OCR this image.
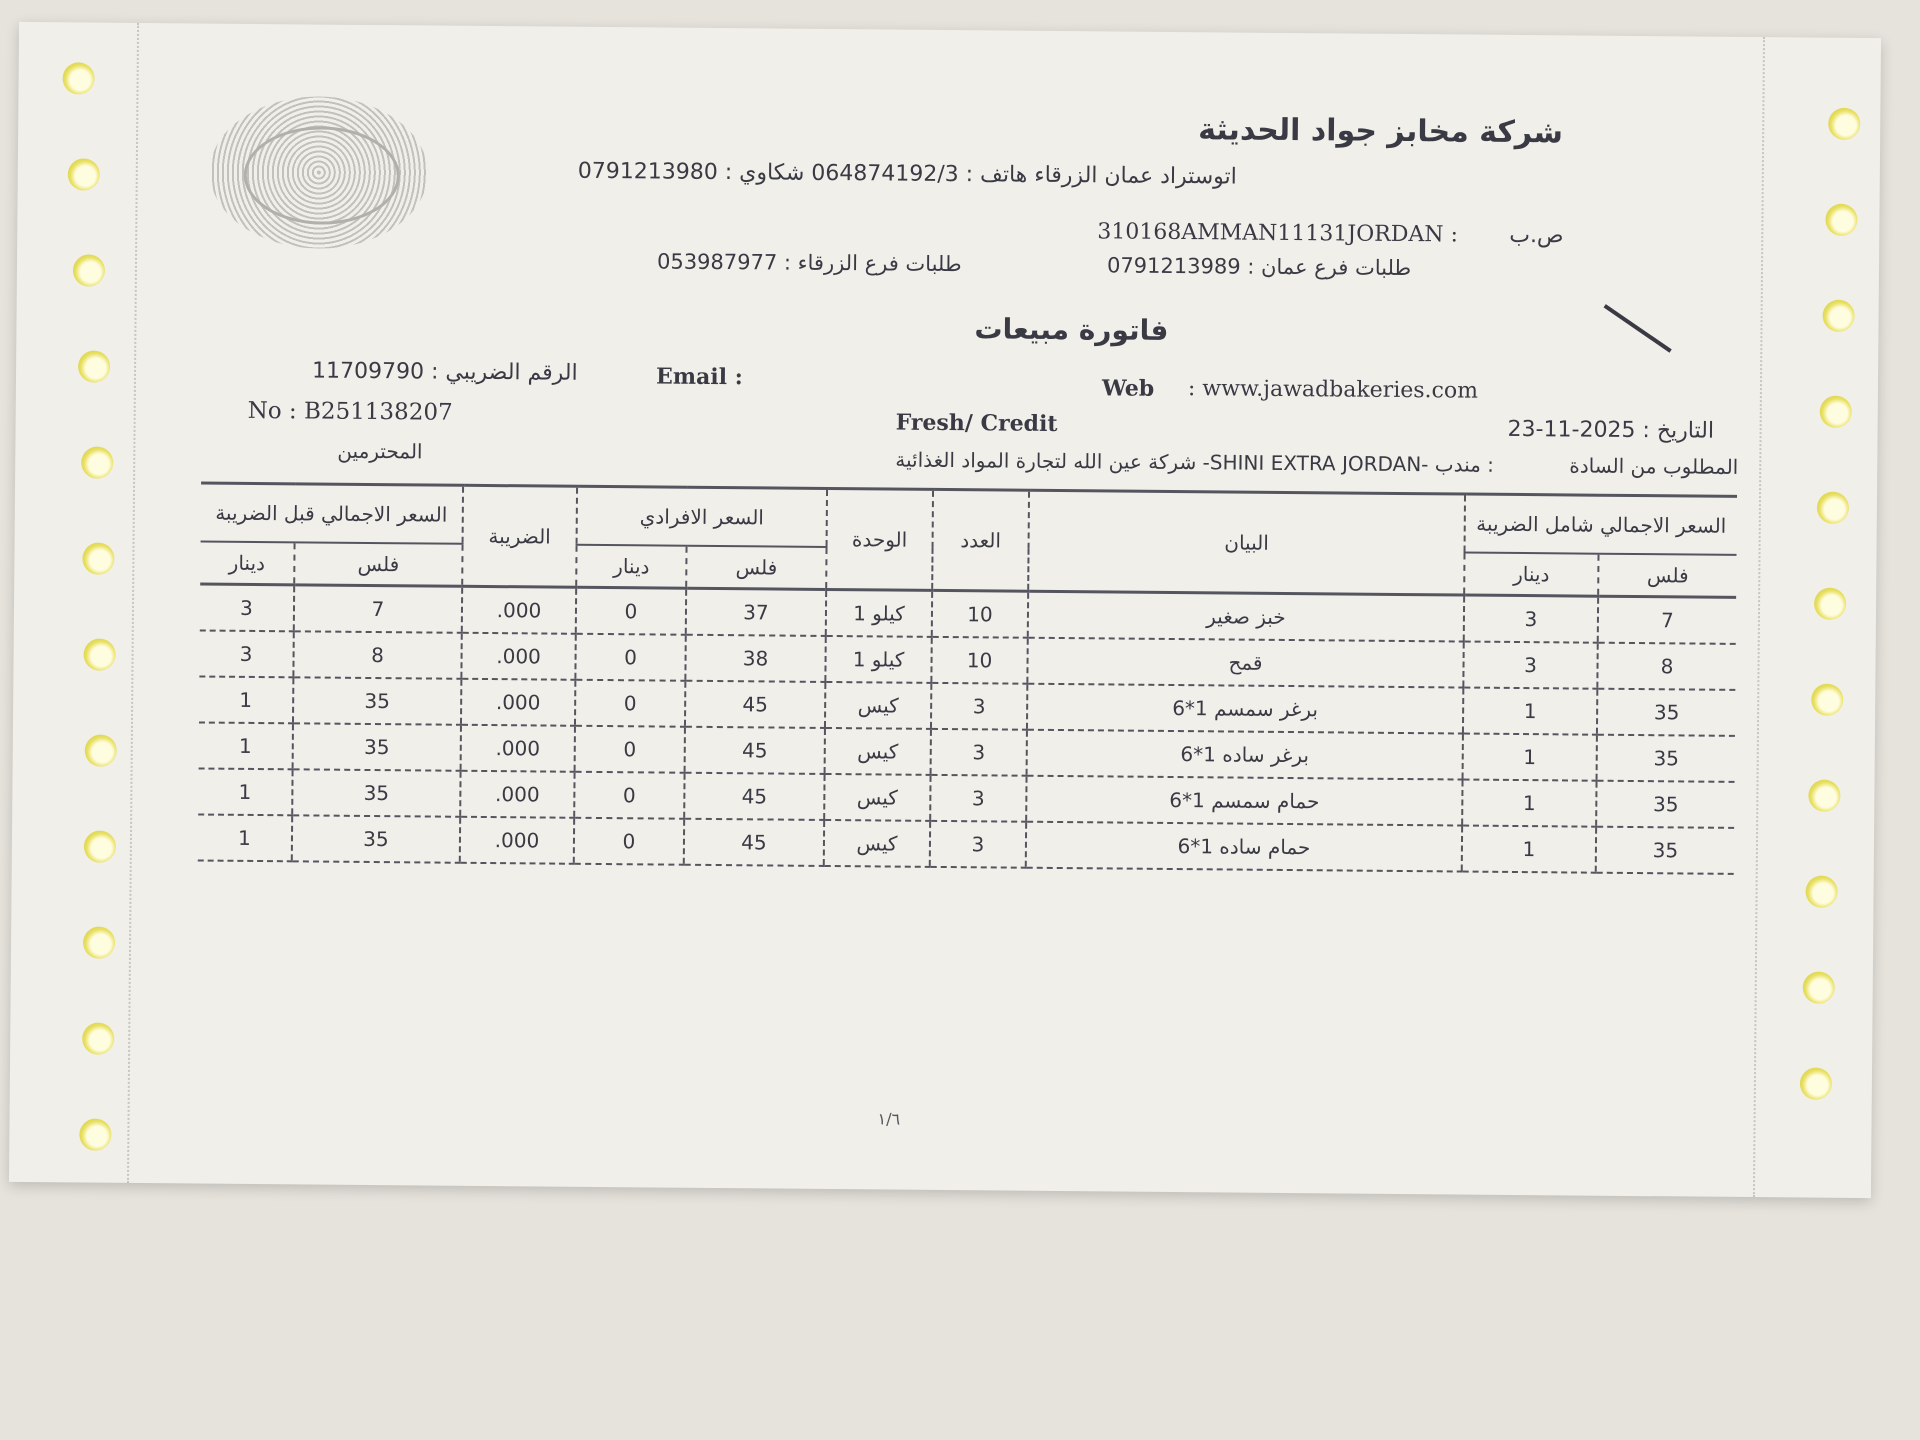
شركة مخابز جواد الحديثة
اتوستراد عمان الزرقاء هاتف : 064874192/3 شكاوي : 0791213980
310168AMMAN11131JORDAN : ص.ب
طلبات فرع الزرقاء : 053987977	طلبات فرع عمان : 0791213989
فاتورة مبيعات
الرقم الضريبي : 11709790	Email :	Web : www.jawadbakeries.com
No : B251138207	Fresh/ Credit	التاريخ : 2025-11-23
المحترمين	: مندب -SHINI EXTRA JORDAN- شركة عين الله لتجارة المواد الغذائية	المطلوب من السادة
السعر الاجمالي قبل الضريبة		الضريبة	السعر الافرادي		الوحدة	العدد	البيان	السعر الاجمالي شامل الضريبة	
دينار	فلس		دينار	فلس				دينار	فلس
3	7	.000	0	37	كيلو 1	10	خبز صغير	3	7
3	8	.000	0	38	كيلو 1	10	قمح	3	8
1	35	.000	0	45	كيس	3	برغر سمسم 1*6	1	35
1	35	.000	0	45	كيس	3	برغر ساده 1*6	1	35
1	35	.000	0	45	كيس	3	حمام سمسم 1*6	1	35
1	35	.000	0	45	كيس	3	حمام ساده 1*6	1	35
١/٦
